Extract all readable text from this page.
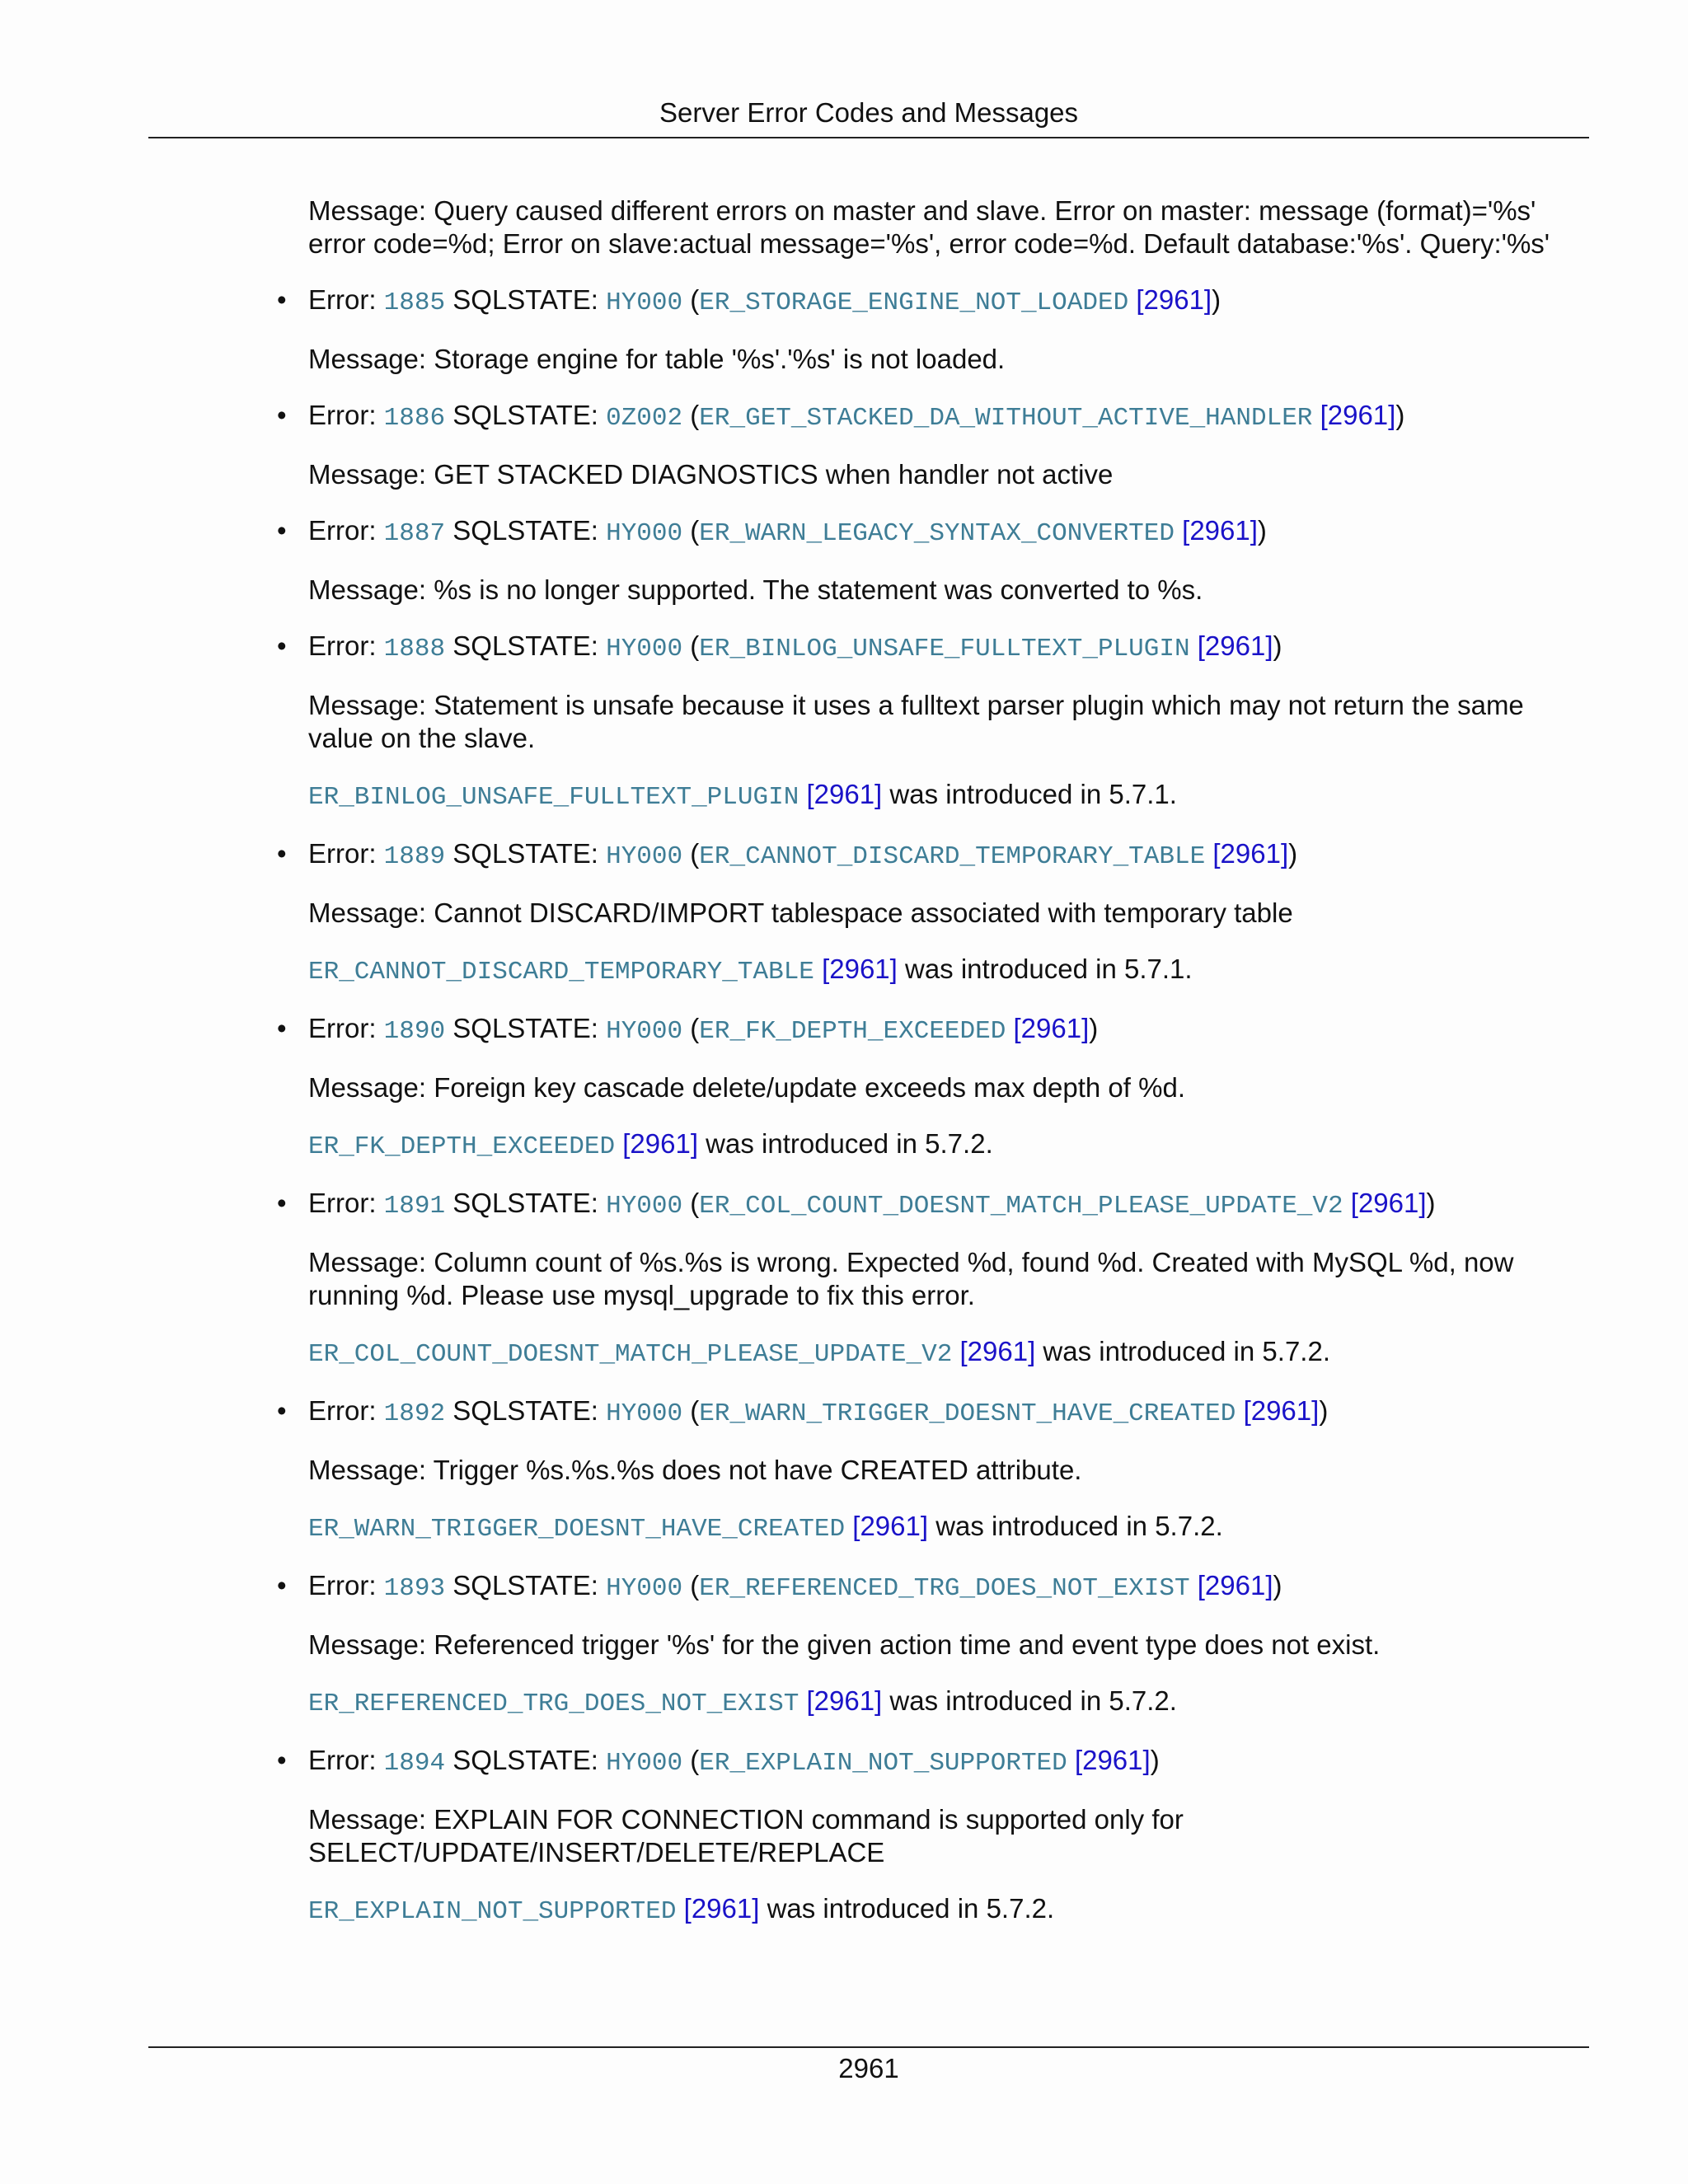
Server Error Codes and Messages

Message: Query caused different errors on master and slave. Error on master: message (format)='%s' error code=%d; Error on slave:actual message='%s', error code=%d. Default database:'%s'. Query:'%s'

• Error: 1885 SQLSTATE: HY000 (ER_STORAGE_ENGINE_NOT_LOADED [2961])

Message: Storage engine for table '%s'.'%s' is not loaded.

• Error: 1886 SQLSTATE: 0Z002 (ER_GET_STACKED_DA_WITHOUT_ACTIVE_HANDLER [2961])

Message: GET STACKED DIAGNOSTICS when handler not active

• Error: 1887 SQLSTATE: HY000 (ER_WARN_LEGACY_SYNTAX_CONVERTED [2961])

Message: %s is no longer supported. The statement was converted to %s.

• Error: 1888 SQLSTATE: HY000 (ER_BINLOG_UNSAFE_FULLTEXT_PLUGIN [2961])

Message: Statement is unsafe because it uses a fulltext parser plugin which may not return the same value on the slave.

ER_BINLOG_UNSAFE_FULLTEXT_PLUGIN [2961] was introduced in 5.7.1.

• Error: 1889 SQLSTATE: HY000 (ER_CANNOT_DISCARD_TEMPORARY_TABLE [2961])

Message: Cannot DISCARD/IMPORT tablespace associated with temporary table

ER_CANNOT_DISCARD_TEMPORARY_TABLE [2961] was introduced in 5.7.1.

• Error: 1890 SQLSTATE: HY000 (ER_FK_DEPTH_EXCEEDED [2961])

Message: Foreign key cascade delete/update exceeds max depth of %d.

ER_FK_DEPTH_EXCEEDED [2961] was introduced in 5.7.2.

• Error: 1891 SQLSTATE: HY000 (ER_COL_COUNT_DOESNT_MATCH_PLEASE_UPDATE_V2 [2961])

Message: Column count of %s.%s is wrong. Expected %d, found %d. Created with MySQL %d, now running %d. Please use mysql_upgrade to fix this error.

ER_COL_COUNT_DOESNT_MATCH_PLEASE_UPDATE_V2 [2961] was introduced in 5.7.2.

• Error: 1892 SQLSTATE: HY000 (ER_WARN_TRIGGER_DOESNT_HAVE_CREATED [2961])

Message: Trigger %s.%s.%s does not have CREATED attribute.

ER_WARN_TRIGGER_DOESNT_HAVE_CREATED [2961] was introduced in 5.7.2.

• Error: 1893 SQLSTATE: HY000 (ER_REFERENCED_TRG_DOES_NOT_EXIST [2961])

Message: Referenced trigger '%s' for the given action time and event type does not exist.

ER_REFERENCED_TRG_DOES_NOT_EXIST [2961] was introduced in 5.7.2.

• Error: 1894 SQLSTATE: HY000 (ER_EXPLAIN_NOT_SUPPORTED [2961])

Message: EXPLAIN FOR CONNECTION command is supported only for SELECT/UPDATE/INSERT/DELETE/REPLACE

ER_EXPLAIN_NOT_SUPPORTED [2961] was introduced in 5.7.2.

2961
